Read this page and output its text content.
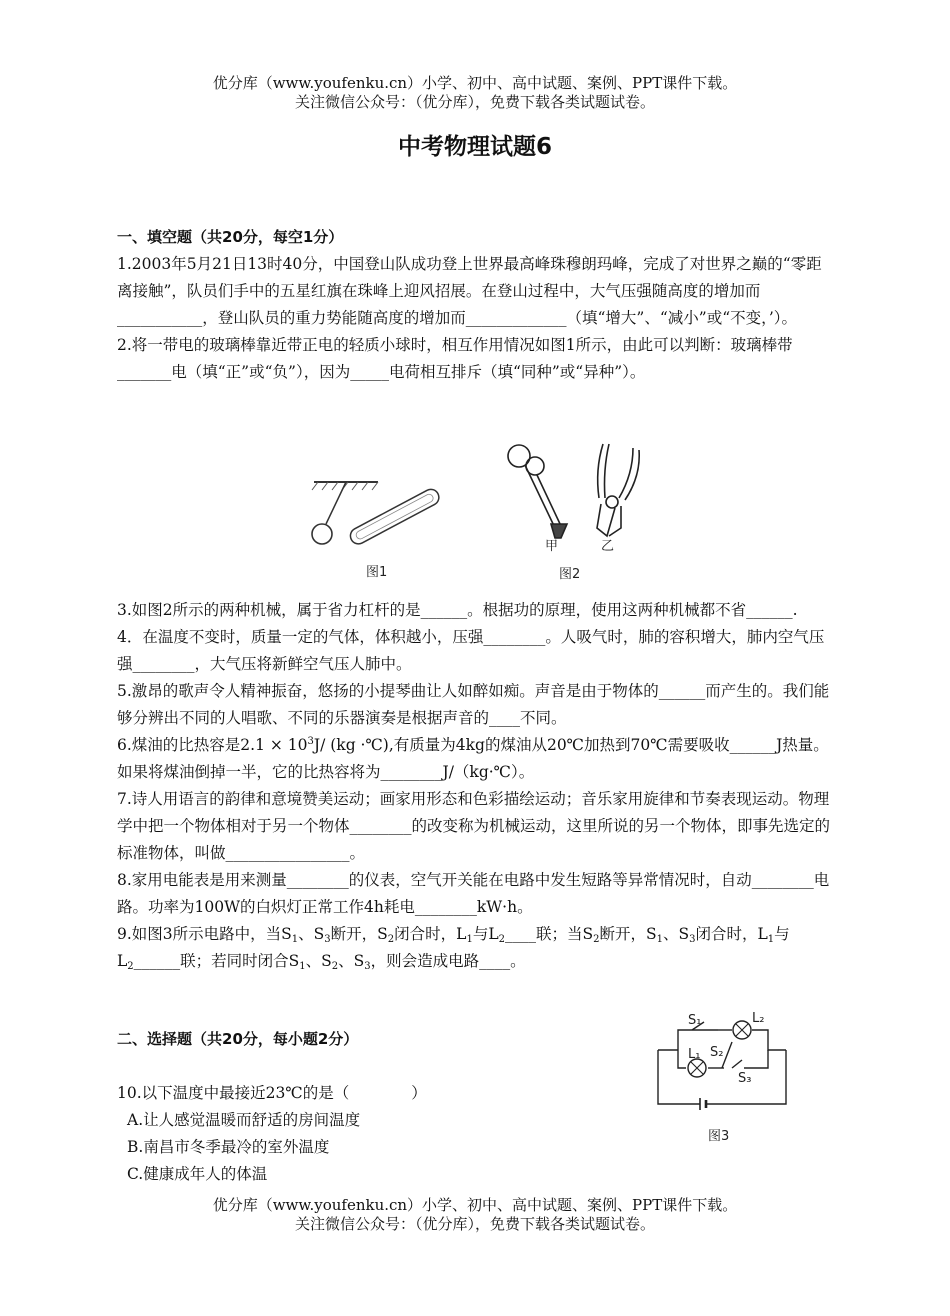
优分库（www.youfenku.cn）小学、初中、高中试题、案例、PPT课件下载。
关注微信公众号：（优分库），免费下载各类试题试卷。
中考物理试题6

一、填空题（共20分，每空1分）

1.2003年5月21日13时40分，中国登山队成功登上世界最高峰珠穆朗玛峰，完成了对世界之巅的“零距离接触”，队员们手中的五星红旗在珠峰上迎风招展。在登山过程中，大气压强随高度的增加而___________，登山队员的重力势能随高度的增加而_____________（填“增大”、“减小”或“不变，’）。

2.将一带电的玻璃棒靠近带正电的轻质小球时，相互作用情况如图1所示，由此可以判断：玻璃棒带_______电（填“正”或“负”），因为_____电荷相互排斥（填“同种”或“异种”）。

图1
甲	乙
图2

3.如图2所示的两种机械，属于省力杠杆的是______。根据功的原理，使用这两种机械都不省______.

4．在温度不变时，质量一定的气体，体积越小，压强________。人吸气时，肺的容积增大，肺内空气压强________，大气压将新鲜空气压人肺中。

5.激昂的歌声令人精神振奋，悠扬的小提琴曲让人如醉如痴。声音是由于物体的______而产生的。我们能够分辨出不同的人唱歌、不同的乐器演奏是根据声音的____不同。

6.煤油的比热容是$2.1 \times 10^3J/$ (kg ·℃),有质量为4kg的煤油从20℃加热到70℃需要吸收______J热量。如果将煤油倒掉一半，它的比热容将为________J/（kg·℃）。

7.诗人用语言的韵律和意境赞美运动；画家用形态和色彩描绘运动；音乐家用旋律和节奏表现运动。物理学中把一个物体相对于另一个物体________的改变称为机械运动，这里所说的另一个物体，即事先选定的标准物体，叫做________________。

8.家用电能表是用来测量________的仪表，空气开关能在电路中发生短路等异常情况时，自动________电路。功率为100W的白炽灯正常工作4h耗电________kW·h。

9.如图3所示电路中，当$S_1$、$S_3$断开，$S_2$闭合时，$L_1$与$L_2\_\_\_\_$联；当$S_2$断开，$S_1$、$S_3$闭合时，$L_1$与$L_2\_\_\_\_\_\_$联；若同时闭合$S_1$、$S_2$、$S_3$，则会造成电路____。

二、选择题（共20分，每小题2分）

10.以下温度中最接近23℃的是（　　　　）

A.让人感觉温暖而舒适的房间温度

B.南昌市冬季最冷的室外温度

C.健康成年人的体温

S₁	L₂
L₁ S₂
S₃
图3
优分库（www.youfenku.cn）小学、初中、高中试题、案例、PPT课件下载。
关注微信公众号：（优分库），免费下载各类试题试卷。
